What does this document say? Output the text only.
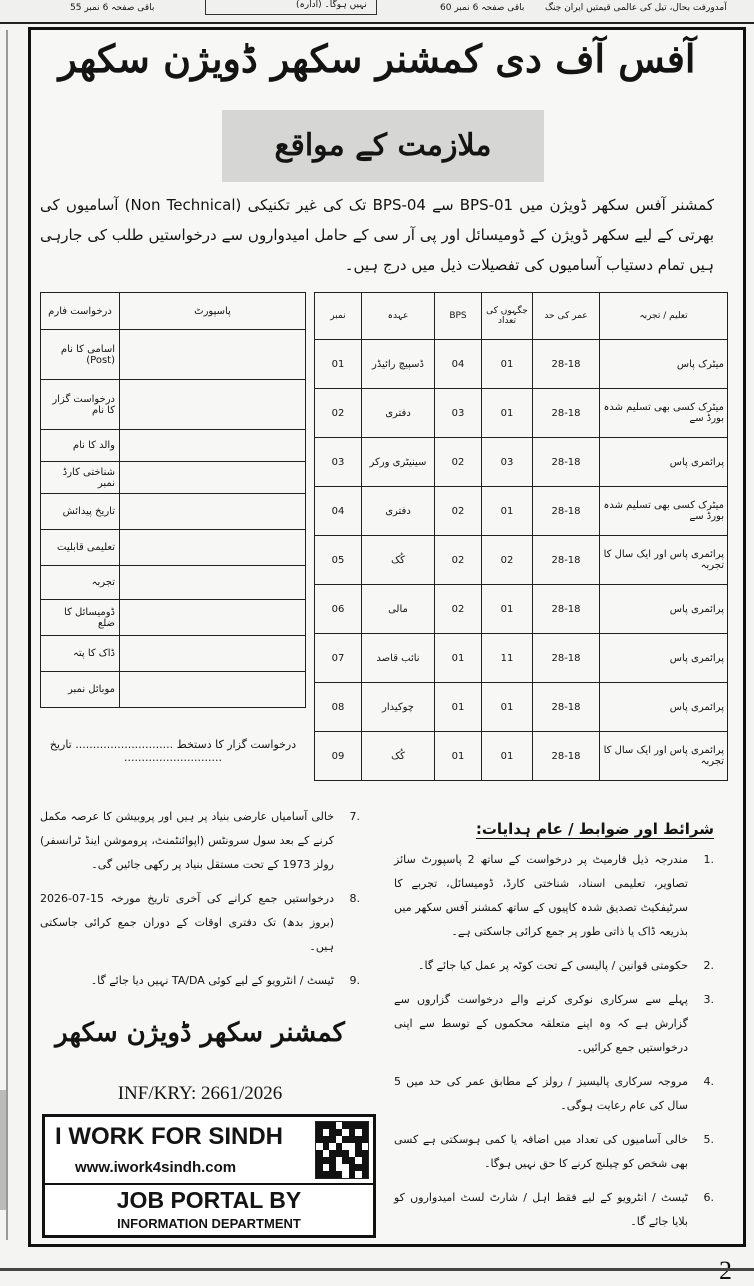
باقی صفحہ 6 نمبر 55	نہیں ہوگا۔ (ادارہ)	باقی صفحہ 6 نمبر 60 آمدورفت بحال، تیل کی عالمی قیمتیں ایران جنگ
آفس آف دی کمشنر سکھر ڈویژن سکھر
ملازمت کے مواقع
کمشنر آفس سکھر ڈویژن میں BPS-01 سے BPS-04 تک کی غیر تکنیکی (Non Technical) آسامیوں کی بھرتی کے لیے سکھر ڈویژن کے ڈومیسائل اور پی آر سی کے حامل امیدواروں سے درخواستیں طلب کی جارہی ہیں تمام دستیاب آسامیوں کی تفصیلات ذیل میں درج ہیں۔
نمبر	عہدہ	BPS	جگہوں کی تعداد	عمر کی حد	تعلیم / تجربہ
01	ڈسپیچ رائیڈر	04	01	28-18	میٹرک پاس
02	دفتری	03	01	28-18	میٹرک کسی بھی تسلیم شدہ بورڈ سے
03	سینیٹری ورکر	02	03	28-18	پرائمری پاس
04	دفتری	02	01	28-18	میٹرک کسی بھی تسلیم شدہ بورڈ سے
05	کُک	02	02	28-18	پرائمری پاس اور ایک سال کا تجربہ
06	مالی	02	01	28-18	پرائمری پاس
07	نائب قاصد	01	11	28-18	پرائمری پاس
08	چوکیدار	01	01	28-18	پرائمری پاس
09	کُک	01	01	28-18	پرائمری پاس اور ایک سال کا تجربہ
درخواست فارم	پاسپورٹ
اسامی کا نام (Post)	
درخواست گزار کا نام	
والد کا نام	
شناختی کارڈ نمبر	
تاریخ پیدائش	
تعلیمی قابلیت	
تجربہ	
ڈومیسائل کا ضلع	
ڈاک کا پتہ	
موبائل نمبر	
درخواست گزار کا دستخط ............................ تاریخ ............................
شرائط اور ضوابط / عام ہدایات:
.1
مندرجہ ذیل فارمیٹ پر درخواست کے ساتھ 2 پاسپورٹ سائز تصاویر، تعلیمی اسناد، شناختی کارڈ، ڈومیسائل، تجربے کا سرٹیفکیٹ تصدیق شدہ کاپیوں کے ساتھ کمشنر آفس سکھر میں بذریعہ ڈاک یا ذاتی طور پر جمع کرائی جاسکتی ہے۔
.2
حکومتی قوانین / پالیسی کے تحت کوٹہ پر عمل کیا جائے گا۔
.3
پہلے سے سرکاری نوکری کرنے والے درخواست گزاروں سے گزارش ہے کہ وہ اپنے متعلقہ محکموں کے توسط سے اپنی درخواستیں جمع کرائیں۔
.4
مروجہ سرکاری پالیسیز / رولز کے مطابق عمر کی حد میں 5 سال کی عام رعایت ہوگی۔
.5
خالی آسامیوں کی تعداد میں اضافہ یا کمی ہوسکتی ہے کسی بھی شخص کو چیلنج کرنے کا حق نہیں ہوگا۔
.6
ٹیسٹ / انٹرویو کے لیے فقط اہل / شارٹ لسٹ امیدواروں کو بلایا جائے گا۔
.7
خالی آسامیاں عارضی بنیاد پر ہیں اور پروبیشن کا عرصہ مکمل کرنے کے بعد سول سرونٹس (اپوائنٹمنٹ، پروموشن اینڈ ٹرانسفر) رولز 1973 کے تحت مستقل بنیاد پر رکھی جائیں گی۔
.8
درخواستیں جمع کرانے کی آخری تاریخ مورخہ 15-07-2026 (بروز بدھ) تک دفتری اوقات کے دوران جمع کرائی جاسکتی ہیں۔
.9
ٹیسٹ / انٹرویو کے لیے کوئی TA/DA نہیں دیا جائے گا۔
کمشنر سکھر ڈویژن سکھر
INF/KRY: 2661/2026
I WORK FOR SINDH
www.iwork4sindh.com
JOB PORTAL BY
INFORMATION DEPARTMENT
2
